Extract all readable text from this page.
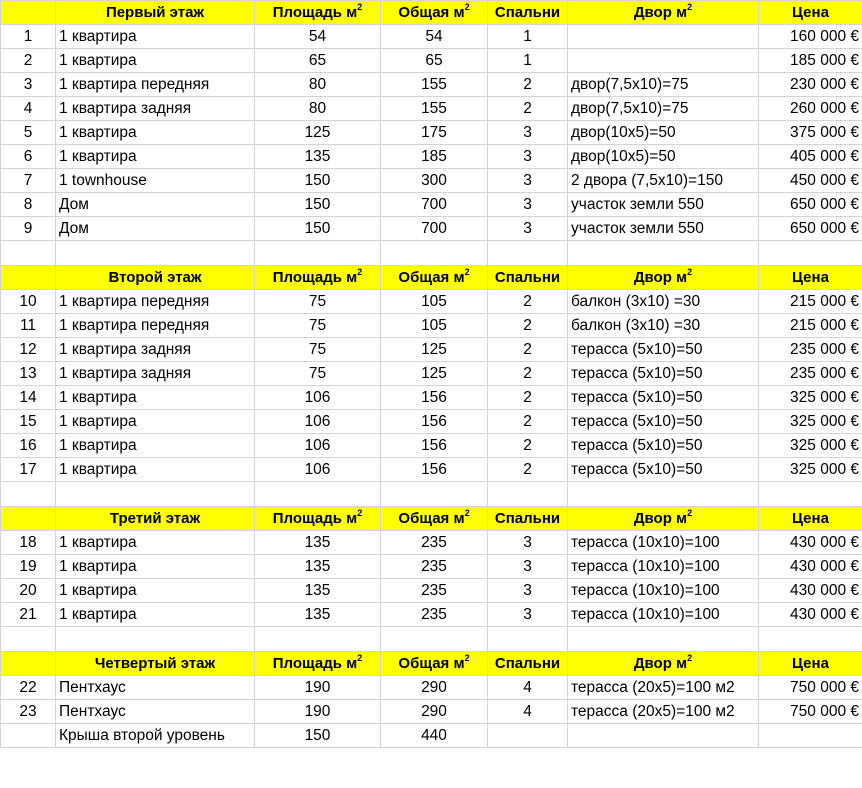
	Первый этаж	Площадь $м^2$	Общая $м^2$	Спальни	Двор $м^2$	Цена
1	1 квартира	54	54	1		160 000 €
2	1 квартира	65	65	1		185 000 €
3	1 квартира передняя	80	155	2	двор(7,5х10)=75	230 000 €
4	1 квартира задняя	80	155	2	двор(7,5х10)=75	260 000 €
5	1 квартира	125	175	3	двор(10х5)=50	375 000 €
6	1 квартира	135	185	3	двор(10х5)=50	405 000 €
7	1 townhouse	150	300	3	2 двора (7,5х10)=150	450 000 €
8	Дом	150	700	3	участок земли 550	650 000 €
9	Дом	150	700	3	участок земли 550	650 000 €

	Второй этаж	Площадь $м^2$	Общая $м^2$	Спальни	Двор $м^2$	Цена
10	1 квартира передняя	75	105	2	балкон (3х10) =30	215 000 €
11	1 квартира передняя	75	105	2	балкон (3х10) =30	215 000 €
12	1 квартира задняя	75	125	2	терасса (5х10)=50	235 000 €
13	1 квартира задняя	75	125	2	терасса (5х10)=50	235 000 €
14	1 квартира	106	156	2	терасса (5х10)=50	325 000 €
15	1 квартира	106	156	2	терасса (5х10)=50	325 000 €
16	1 квартира	106	156	2	терасса (5х10)=50	325 000 €
17	1 квартира	106	156	2	терасса (5х10)=50	325 000 €

	Третий этаж	Площадь $м^2$	Общая $м^2$	Спальни	Двор $м^2$	Цена
18	1 квартира	135	235	3	терасса (10х10)=100	430 000 €
19	1 квартира	135	235	3	терасса (10х10)=100	430 000 €
20	1 квартира	135	235	3	терасса (10х10)=100	430 000 €
21	1 квартира	135	235	3	терасса (10х10)=100	430 000 €

	Четвертый этаж	Площадь $м^2$	Общая $м^2$	Спальни	Двор $м^2$	Цена
22	Пентхаус	190	290	4	терасса (20х5)=100 м2	750 000 €
23	Пентхаус	190	290	4	терасса (20х5)=100 м2	750 000 €
	Крыша второй уровень	150	440			
